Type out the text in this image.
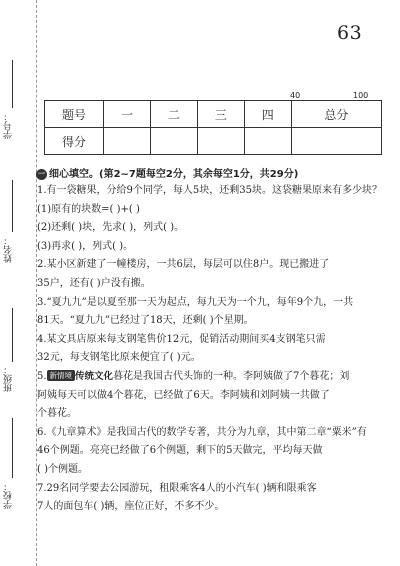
63
学号：
姓名：
班级：
学校：
40	100
题号	一	二	三	四	总分
得分					
一 细心填空。(第2~7题每空2分，其余每空1分，共29分)
1.有一袋糖果，分给9个同学，每人5块，还剩35块。这袋糖果原来有多少块？
(1)原有的块数=( )+( )
(2)还剩( )块，先求( )，列式( )。
(3)再求( )，列式( )。
2.某小区新建了一幢楼房，一共6层，每层可以住8户。现已搬进了
35户，还有( )户没有搬。
3.“夏九九”是以夏至那一天为起点，每九天为一个九，每年9个九，一共
81天。“夏九九”已经过了18天，还剩( )个星期。
4.某文具店原来每支钢笔售价12元，促销活动期间买4支钢笔只需
32元，每支钢笔比原来便宜了( )元。
5. 新情境 传统文化暮花是我国古代头饰的一种。李阿姨做了7个暮花；刘
阿姨每天可以做4个暮花，已经做了6天。李阿姨和刘阿姨一共做了
个暮花。
6.《九章算术》是我国古代的数学专著，共分为九章，其中第二章“粟米”有
46个例题。亮亮已经做了6个例题，剩下的5天做完，平均每天做
( )个例题。
7.29名同学要去公园游玩，租限乘客4人的小汽车( )辆和限乘客
7人的面包车( )辆，座位正好，不多不少。
